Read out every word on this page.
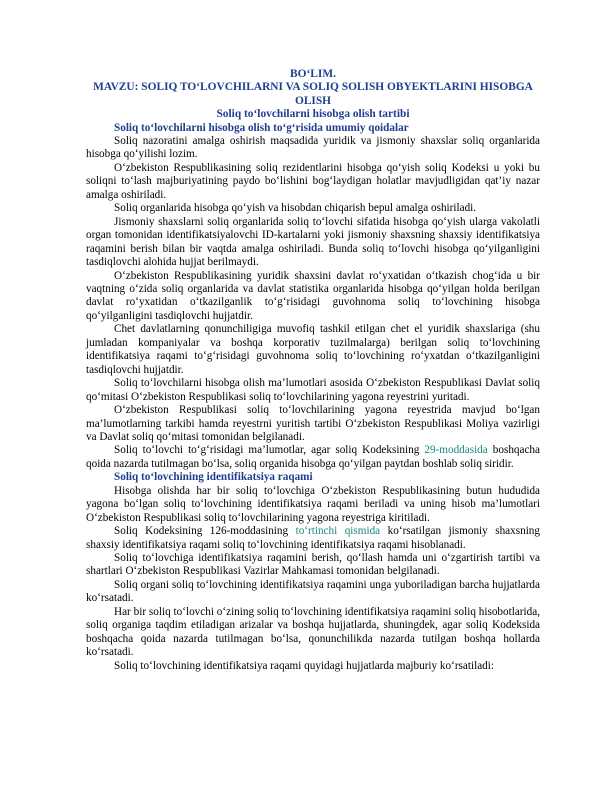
BO‘LIM.
MAVZU: SOLIQ TO‘LOVCHILARNI VA SOLIQ SOLISH OBYEKTLARINI HISOBGA OLISH
Soliq to‘lovchilarni hisobga olish tartibi
Soliq to‘lovchilarni hisobga olish to‘g‘risida umumiy qoidalar

Soliq nazoratini amalga oshirish maqsadida yuridik va jismoniy shaxslar soliq organlarida hisobga qo‘yilishi lozim.

O‘zbekiston Respublikasining soliq rezidentlarini hisobga qo‘yish soliq Kodeksi u yoki bu soliqni to‘lash majburiyatining paydo bo‘lishini bog‘laydigan holatlar mavjudligidan qat’iy nazar amalga oshiriladi.

Soliq organlarida hisobga qo‘yish va hisobdan chiqarish bepul amalga oshiriladi.

Jismoniy shaxslarni soliq organlarida soliq to‘lovchi sifatida hisobga qo‘yish ularga vakolatli organ tomonidan identifikatsiyalovchi ID-kartalarni yoki jismoniy shaxsning shaxsiy identifikatsiya raqamini berish bilan bir vaqtda amalga oshiriladi. Bunda soliq to‘lovchi hisobga qo‘yilganligini tasdiqlovchi alohida hujjat berilmaydi.

O‘zbekiston Respublikasining yuridik shaxsini davlat ro‘yxatidan o‘tkazish chog‘ida u bir vaqtning o‘zida soliq organlarida va davlat statistika organlarida hisobga qo‘yilgan holda berilgan davlat ro‘yxatidan o‘tkazilganlik to‘g‘risidagi guvohnoma soliq to‘lovchining hisobga qo‘yilganligini tasdiqlovchi hujjatdir.

Chet davlatlarning qonunchiligiga muvofiq tashkil etilgan chet el yuridik shaxslariga (shu jumladan kompaniyalar va boshqa korporativ tuzilmalarga) berilgan soliq to‘lovchining identifikatsiya raqami to‘g‘risidagi guvohnoma soliq to‘lovchining ro‘yxatdan o‘tkazilganligini tasdiqlovchi hujjatdir.

Soliq to‘lovchilarni hisobga olish ma’lumotlari asosida O‘zbekiston Respublikasi Davlat soliq qo‘mitasi O‘zbekiston Respublikasi soliq to‘lovchilarining yagona reyestrini yuritadi.

O‘zbekiston Respublikasi soliq to‘lovchilarining yagona reyestrida mavjud bo‘lgan ma’lumotlarning tarkibi hamda reyestrni yuritish tartibi O‘zbekiston Respublikasi Moliya vazirligi va Davlat soliq qo‘mitasi tomonidan belgilanadi.

Soliq to‘lovchi to‘g‘risidagi ma’lumotlar, agar soliq Kodeksining 29-moddasida boshqacha qoida nazarda tutilmagan bo‘lsa, soliq organida hisobga qo‘yilgan paytdan boshlab soliq siridir.

Soliq to‘lovchining identifikatsiya raqami

Hisobga olishda har bir soliq to‘lovchiga O‘zbekiston Respublikasining butun hududida yagona bo‘lgan soliq to‘lovchining identifikatsiya raqami beriladi va uning hisob ma’lumotlari O‘zbekiston Respublikasi soliq to‘lovchilarining yagona reyestriga kiritiladi.

Soliq Kodeksining 126-moddasining to‘rtinchi qismida ko‘rsatilgan jismoniy shaxsning shaxsiy identifikatsiya raqami soliq to‘lovchining identifikatsiya raqami hisoblanadi.

Soliq to‘lovchiga identifikatsiya raqamini berish, qo‘llash hamda uni o‘zgartirish tartibi va shartlari O‘zbekiston Respublikasi Vazirlar Mahkamasi tomonidan belgilanadi.

Soliq organi soliq to‘lovchining identifikatsiya raqamini unga yuboriladigan barcha hujjatlarda ko‘rsatadi.

Har bir soliq to‘lovchi o‘zining soliq to‘lovchining identifikatsiya raqamini soliq hisobotlarida, soliq organiga taqdim etiladigan arizalar va boshqa hujjatlarda, shuningdek, agar soliq Kodeksida boshqacha qoida nazarda tutilmagan bo‘lsa, qonunchilikda nazarda tutilgan boshqa hollarda ko‘rsatadi.

Soliq to‘lovchining identifikatsiya raqami quyidagi hujjatlarda majburiy ko‘rsatiladi:
